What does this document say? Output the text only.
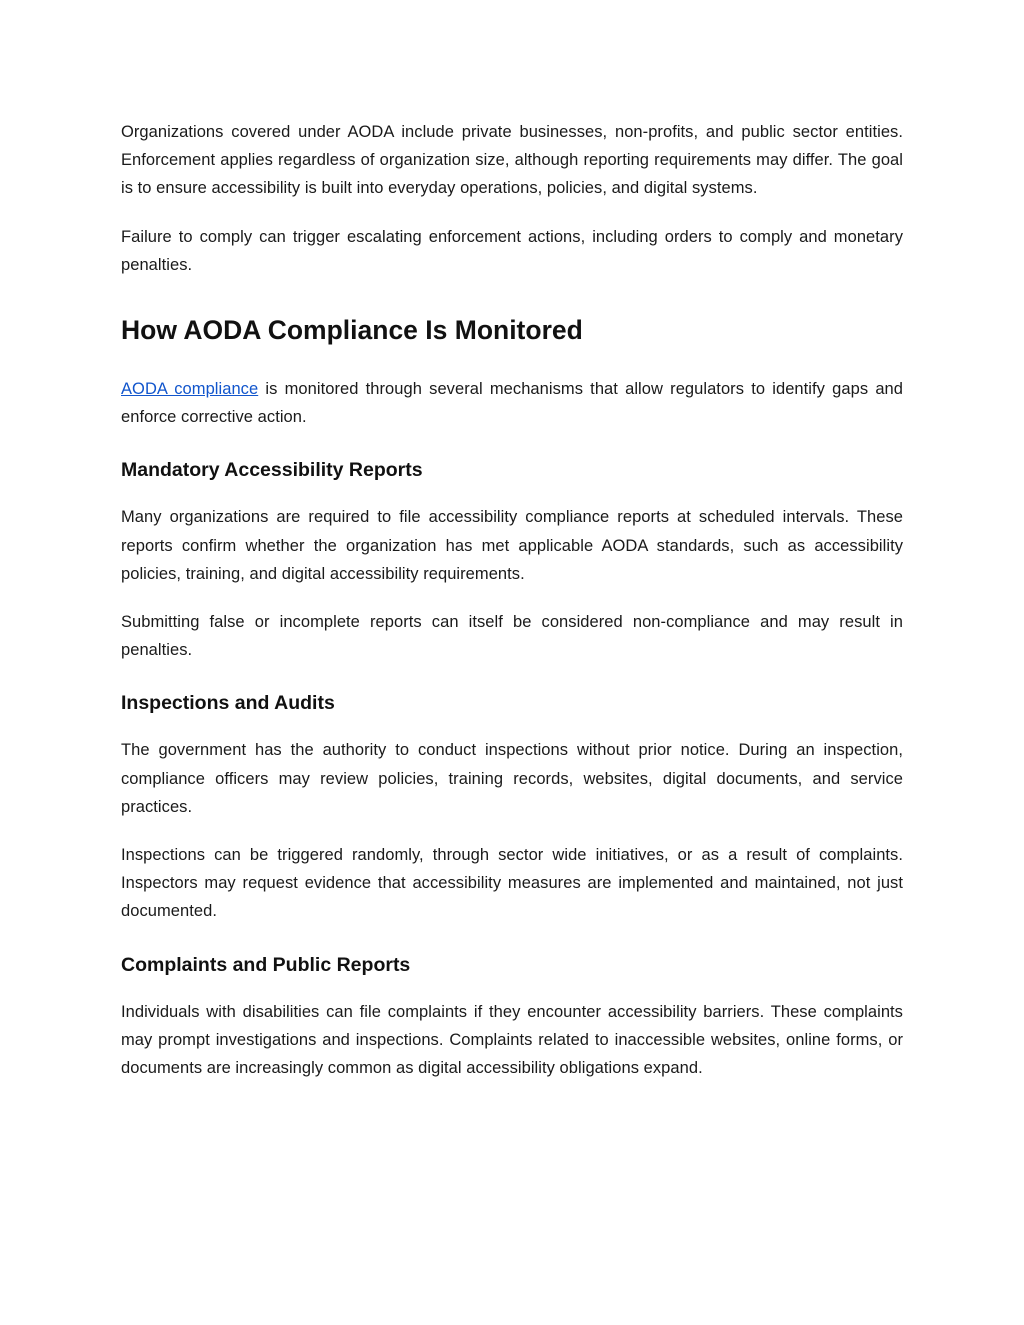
Organizations covered under AODA include private businesses, non-profits, and public sector entities. Enforcement applies regardless of organization size, although reporting requirements may differ. The goal is to ensure accessibility is built into everyday operations, policies, and digital systems.

Failure to comply can trigger escalating enforcement actions, including orders to comply and monetary penalties.

How AODA Compliance Is Monitored

AODA compliance is monitored through several mechanisms that allow regulators to identify gaps and enforce corrective action.

Mandatory Accessibility Reports

Many organizations are required to file accessibility compliance reports at scheduled intervals. These reports confirm whether the organization has met applicable AODA standards, such as accessibility policies, training, and digital accessibility requirements.

Submitting false or incomplete reports can itself be considered non-compliance and may result in penalties.

Inspections and Audits

The government has the authority to conduct inspections without prior notice. During an inspection, compliance officers may review policies, training records, websites, digital documents, and service practices.

Inspections can be triggered randomly, through sector wide initiatives, or as a result of complaints. Inspectors may request evidence that accessibility measures are implemented and maintained, not just documented.

Complaints and Public Reports

Individuals with disabilities can file complaints if they encounter accessibility barriers. These complaints may prompt investigations and inspections. Complaints related to inaccessible websites, online forms, or documents are increasingly common as digital accessibility obligations expand.
